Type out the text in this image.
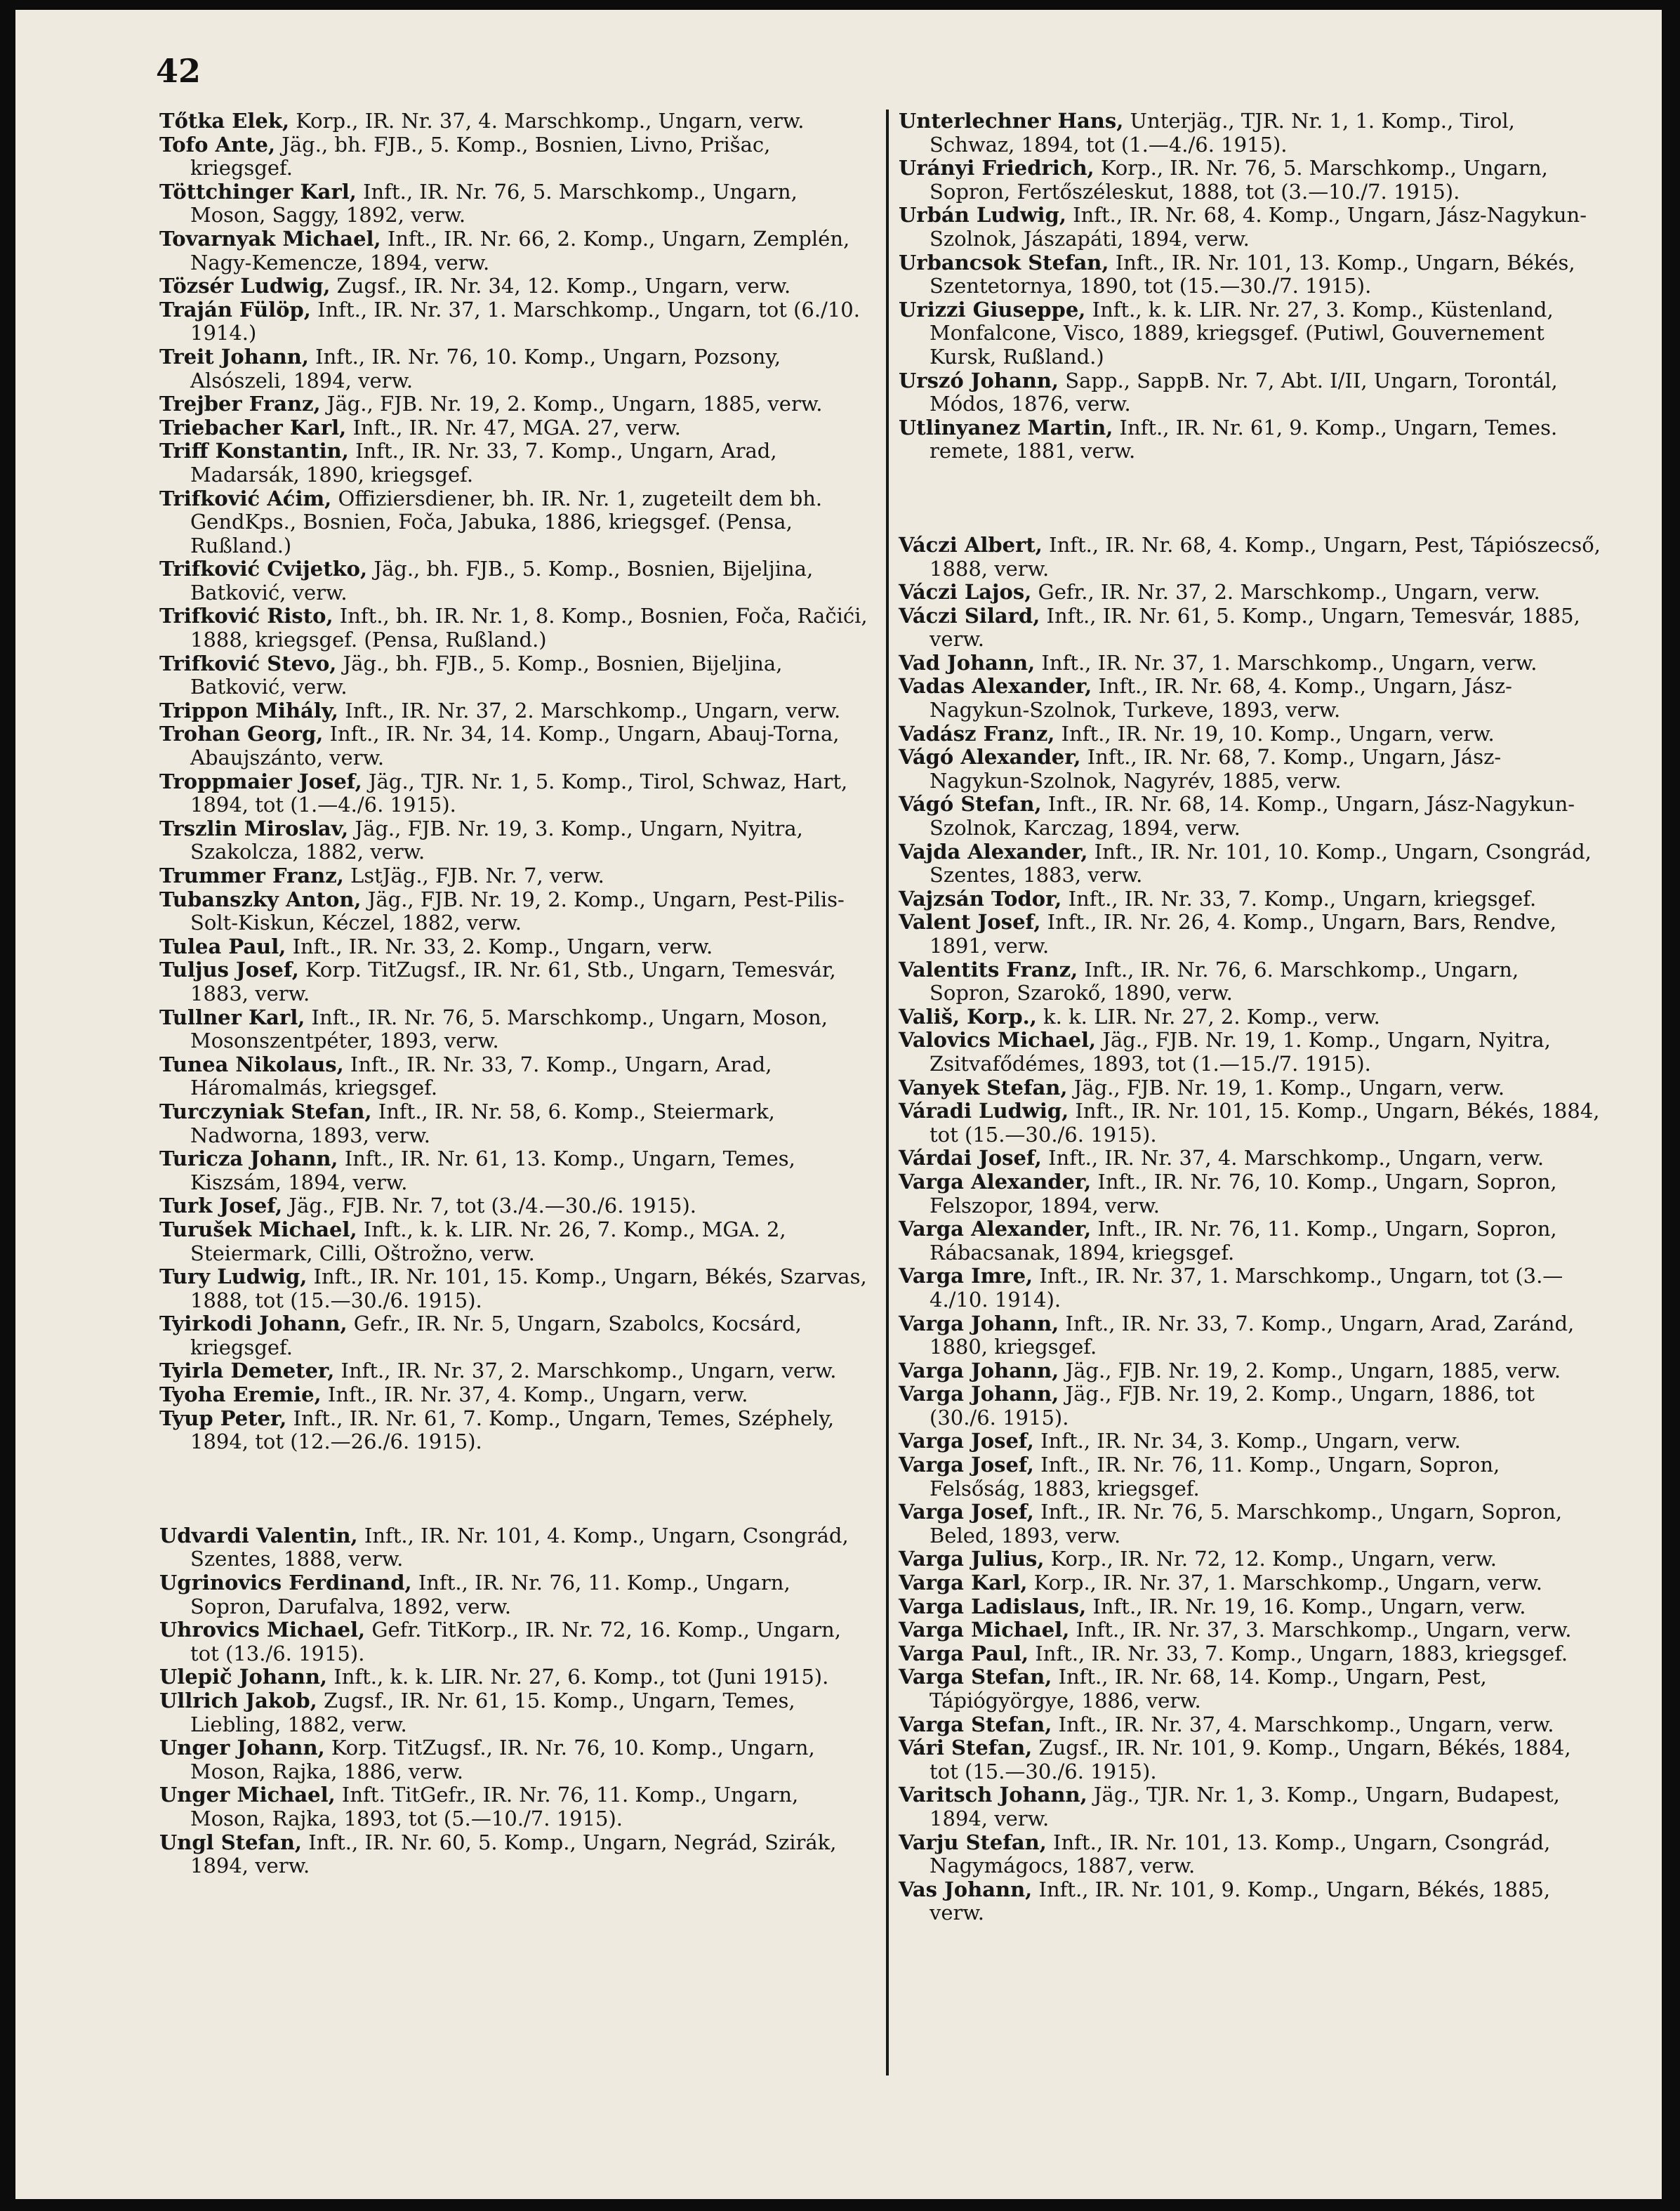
42
Tőtka Elek, Korp., IR. Nr. 37, 4. Marschkomp., Ungarn, verw.
Tofo Ante, Jäg., bh. FJB., 5. Komp., Bosnien, Livno, Prišac, kriegsgef.
Töttchinger Karl, Inft., IR. Nr. 76, 5. Marschkomp., Ungarn, Moson, Saggy, 1892, verw.
Tovarnyak Michael, Inft., IR. Nr. 66, 2. Komp., Ungarn, Zemplén, Nagy-Kemencze, 1894, verw.
Tözsér Ludwig, Zugsf., IR. Nr. 34, 12. Komp., Ungarn, verw.
Traján Fülöp, Inft., IR. Nr. 37, 1. Marschkomp., Ungarn, tot (6./10. 1914.)
Treit Johann, Inft., IR. Nr. 76, 10. Komp., Ungarn, Pozsony, Alsószeli, 1894, verw.
Trejber Franz, Jäg., FJB. Nr. 19, 2. Komp., Ungarn, 1885, verw.
Triebacher Karl, Inft., IR. Nr. 47, MGA. 27, verw.
Triff Konstantin, Inft., IR. Nr. 33, 7. Komp., Ungarn, Arad, Madarsák, 1890, kriegsgef.
Trifković Aćim, Offiziersdiener, bh. IR. Nr. 1, zugeteilt dem bh. GendKps., Bosnien, Foča, Jabuka, 1886, kriegsgef. (Pensa, Rußland.)
Trifković Cvijetko, Jäg., bh. FJB., 5. Komp., Bosnien, Bijeljina, Batković, verw.
Trifković Risto, Inft., bh. IR. Nr. 1, 8. Komp., Bosnien, Foča, Račići, 1888, kriegsgef. (Pensa, Rußland.)
Trifković Stevo, Jäg., bh. FJB., 5. Komp., Bosnien, Bijeljina, Batković, verw.
Trippon Mihály, Inft., IR. Nr. 37, 2. Marschkomp., Ungarn, verw.
Trohan Georg, Inft., IR. Nr. 34, 14. Komp., Ungarn, Abauj-Torna, Abaujszánto, verw.
Troppmaier Josef, Jäg., TJR. Nr. 1, 5. Komp., Tirol, Schwaz, Hart, 1894, tot (1.—4./6. 1915).
Trszlin Miroslav, Jäg., FJB. Nr. 19, 3. Komp., Ungarn, Nyitra, Szakolcza, 1882, verw.
Trummer Franz, LstJäg., FJB. Nr. 7, verw.
Tubanszky Anton, Jäg., FJB. Nr. 19, 2. Komp., Ungarn, Pest-Pilis-Solt-Kiskun, Kéczel, 1882, verw.
Tulea Paul, Inft., IR. Nr. 33, 2. Komp., Ungarn, verw.
Tuljus Josef, Korp. TitZugsf., IR. Nr. 61, Stb., Ungarn, Temesvár, 1883, verw.
Tullner Karl, Inft., IR. Nr. 76, 5. Marschkomp., Ungarn, Moson, Mosonszentpéter, 1893, verw.
Tunea Nikolaus, Inft., IR. Nr. 33, 7. Komp., Ungarn, Arad, Háromalmás, kriegsgef.
Turczyniak Stefan, Inft., IR. Nr. 58, 6. Komp., Steiermark, Nadworna, 1893, verw.
Turicza Johann, Inft., IR. Nr. 61, 13. Komp., Ungarn, Temes, Kiszsám, 1894, verw.
Turk Josef, Jäg., FJB. Nr. 7, tot (3./4.—30./6. 1915).
Turušek Michael, Inft., k. k. LIR. Nr. 26, 7. Komp., MGA. 2, Steiermark, Cilli, Oštrožno, verw.
Tury Ludwig, Inft., IR. Nr. 101, 15. Komp., Ungarn, Békés, Szarvas, 1888, tot (15.—30./6. 1915).
Tyirkodi Johann, Gefr., IR. Nr. 5, Ungarn, Szabolcs, Kocsárd, kriegsgef.
Tyirla Demeter, Inft., IR. Nr. 37, 2. Marschkomp., Ungarn, verw.
Tyoha Eremie, Inft., IR. Nr. 37, 4. Komp., Ungarn, verw.
Tyup Peter, Inft., IR. Nr. 61, 7. Komp., Ungarn, Temes, Széphely, 1894, tot (12.—26./6. 1915).
Udvardi Valentin, Inft., IR. Nr. 101, 4. Komp., Ungarn, Csongrád, Szentes, 1888, verw.
Ugrinovics Ferdinand, Inft., IR. Nr. 76, 11. Komp., Ungarn, Sopron, Darufalva, 1892, verw.
Uhrovics Michael, Gefr. TitKorp., IR. Nr. 72, 16. Komp., Ungarn, tot (13./6. 1915).
Ulepič Johann, Inft., k. k. LIR. Nr. 27, 6. Komp., tot (Juni 1915).
Ullrich Jakob, Zugsf., IR. Nr. 61, 15. Komp., Ungarn, Temes, Liebling, 1882, verw.
Unger Johann, Korp. TitZugsf., IR. Nr. 76, 10. Komp., Ungarn, Moson, Rajka, 1886, verw.
Unger Michael, Inft. TitGefr., IR. Nr. 76, 11. Komp., Ungarn, Moson, Rajka, 1893, tot (5.—10./7. 1915).
Ungl Stefan, Inft., IR. Nr. 60, 5. Komp., Ungarn, Negrád, Szirák, 1894, verw.
Unterlechner Hans, Unterjäg., TJR. Nr. 1, 1. Komp., Tirol, Schwaz, 1894, tot (1.—4./6. 1915).
Urányi Friedrich, Korp., IR. Nr. 76, 5. Marschkomp., Ungarn, Sopron, Fertőszéleskut, 1888, tot (3.—10./7. 1915).
Urbán Ludwig, Inft., IR. Nr. 68, 4. Komp., Ungarn, Jász-Nagykun-Szolnok, Jászapáti, 1894, verw.
Urbancsok Stefan, Inft., IR. Nr. 101, 13. Komp., Ungarn, Békés, Szentetornya, 1890, tot (15.—30./7. 1915).
Urizzi Giuseppe, Inft., k. k. LIR. Nr. 27, 3. Komp., Küstenland, Monfalcone, Visco, 1889, kriegsgef. (Putiwl, Gouvernement Kursk, Rußland.)
Urszó Johann, Sapp., SappB. Nr. 7, Abt. I/II, Ungarn, Torontál, Módos, 1876, verw.
Utlinyanez Martin, Inft., IR. Nr. 61, 9. Komp., Ungarn, Temes. remete, 1881, verw.
Váczi Albert, Inft., IR. Nr. 68, 4. Komp., Ungarn, Pest, Tápiószecső, 1888, verw.
Váczi Lajos, Gefr., IR. Nr. 37, 2. Marschkomp., Ungarn, verw.
Váczi Silard, Inft., IR. Nr. 61, 5. Komp., Ungarn, Temesvár, 1885, verw.
Vad Johann, Inft., IR. Nr. 37, 1. Marschkomp., Ungarn, verw.
Vadas Alexander, Inft., IR. Nr. 68, 4. Komp., Ungarn, Jász-Nagykun-Szolnok, Turkeve, 1893, verw.
Vadász Franz, Inft., IR. Nr. 19, 10. Komp., Ungarn, verw.
Vágó Alexander, Inft., IR. Nr. 68, 7. Komp., Ungarn, Jász-Nagykun-Szolnok, Nagyrév, 1885, verw.
Vágó Stefan, Inft., IR. Nr. 68, 14. Komp., Ungarn, Jász-Nagykun-Szolnok, Karczag, 1894, verw.
Vajda Alexander, Inft., IR. Nr. 101, 10. Komp., Ungarn, Csongrád, Szentes, 1883, verw.
Vajzsán Todor, Inft., IR. Nr. 33, 7. Komp., Ungarn, kriegsgef.
Valent Josef, Inft., IR. Nr. 26, 4. Komp., Ungarn, Bars, Rendve, 1891, verw.
Valentits Franz, Inft., IR. Nr. 76, 6. Marschkomp., Ungarn, Sopron, Szarokő, 1890, verw.
Vališ, Korp., k. k. LIR. Nr. 27, 2. Komp., verw.
Valovics Michael, Jäg., FJB. Nr. 19, 1. Komp., Ungarn, Nyitra, Zsitvafődémes, 1893, tot (1.—15./7. 1915).
Vanyek Stefan, Jäg., FJB. Nr. 19, 1. Komp., Ungarn, verw.
Váradi Ludwig, Inft., IR. Nr. 101, 15. Komp., Ungarn, Békés, 1884, tot (15.—30./6. 1915).
Várdai Josef, Inft., IR. Nr. 37, 4. Marschkomp., Ungarn, verw.
Varga Alexander, Inft., IR. Nr. 76, 10. Komp., Ungarn, Sopron, Felszopor, 1894, verw.
Varga Alexander, Inft., IR. Nr. 76, 11. Komp., Ungarn, Sopron, Rábacsanak, 1894, kriegsgef.
Varga Imre, Inft., IR. Nr. 37, 1. Marschkomp., Ungarn, tot (3.—4./10. 1914).
Varga Johann, Inft., IR. Nr. 33, 7. Komp., Ungarn, Arad, Zaránd, 1880, kriegsgef.
Varga Johann, Jäg., FJB. Nr. 19, 2. Komp., Ungarn, 1885, verw.
Varga Johann, Jäg., FJB. Nr. 19, 2. Komp., Ungarn, 1886, tot (30./6. 1915).
Varga Josef, Inft., IR. Nr. 34, 3. Komp., Ungarn, verw.
Varga Josef, Inft., IR. Nr. 76, 11. Komp., Ungarn, Sopron, Felsőság, 1883, kriegsgef.
Varga Josef, Inft., IR. Nr. 76, 5. Marschkomp., Ungarn, Sopron, Beled, 1893, verw.
Varga Julius, Korp., IR. Nr. 72, 12. Komp., Ungarn, verw.
Varga Karl, Korp., IR. Nr. 37, 1. Marschkomp., Ungarn, verw.
Varga Ladislaus, Inft., IR. Nr. 19, 16. Komp., Ungarn, verw.
Varga Michael, Inft., IR. Nr. 37, 3. Marschkomp., Ungarn, verw.
Varga Paul, Inft., IR. Nr. 33, 7. Komp., Ungarn, 1883, kriegsgef.
Varga Stefan, Inft., IR. Nr. 68, 14. Komp., Ungarn, Pest, Tápiógyörgye, 1886, verw.
Varga Stefan, Inft., IR. Nr. 37, 4. Marschkomp., Ungarn, verw.
Vári Stefan, Zugsf., IR. Nr. 101, 9. Komp., Ungarn, Békés, 1884, tot (15.—30./6. 1915).
Varitsch Johann, Jäg., TJR. Nr. 1, 3. Komp., Ungarn, Budapest, 1894, verw.
Varju Stefan, Inft., IR. Nr. 101, 13. Komp., Ungarn, Csongrád, Nagymágocs, 1887, verw.
Vas Johann, Inft., IR. Nr. 101, 9. Komp., Ungarn, Békés, 1885, verw.
